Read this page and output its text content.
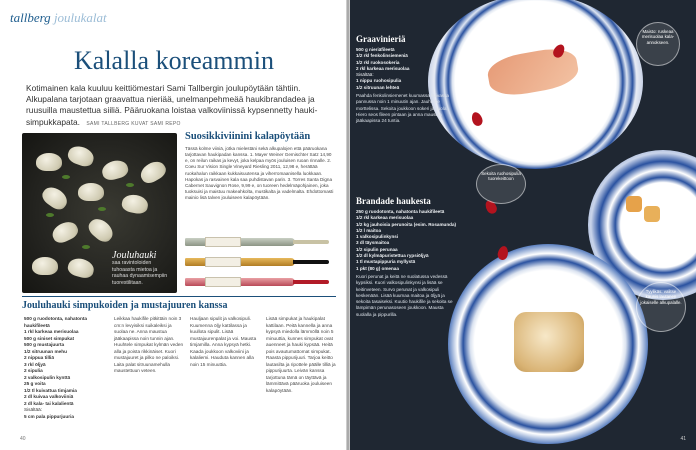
tallberg joulukalat
Kalalla koreammin
Kotimainen kala kuuluu keittiömestari Sami Tallbergin joulupöytään tähtiin. Alkupalana tarjotaan graavattua nieriää, unelmanpehmeää haukibrandadea ja ruusuilla maustettua siiliä. Pääruokana loistaa valkoviinissä kypsennetty hauki-simpukkapata. SAMI TALLBERG KUVAT SAMI REPO
Jouluhauki
saa ravintoloiden tuhoaasta mietoa ja rauhaa dynaamisempiin tuorestilitaan.
Suosikkiviinini kalapöytään
Tässä kolme viiniä, jotka mielestäni sekä alkupalojen että pääruokana tarjottavan haukipadan kanssa. 1. Mayer Weiner Gemischter Satz 14,90 e, on reilun raikas ja kevyt, joka kelpaa myös jouluisen ruoan rinnalle. 2. Coeu Sur Vision Single Vineyard Riesling 2011, 12,98 e, herättää ruokahalun raikkaan kukkaisuutensa ja viherromaanisella luokkaan. Hapokas ja rasvainen kala saa puhdistavan parin. 3. Torres Santa Digna Cabernet Sauvignon Rose, 9,99 e, on tuoreen hedelmäpohjainen, joka tuoksuisi ja maistuu makeahkolta, mustikalta ja vadelmalta. Ehdottomasti mainio lisä talven jouluiseen kalapöytään.
Jouluhauki simpukoiden ja mustajuuren kanssa
500 g ruodotonta, nahatonta haukifileetä
1 rkl karkeaa merisuolaa
500 g siniset simpukat
500 g mustajuurta
1/2 sitruunan mehu
2 nippua tilliä
3 rkl öljyä
2 sipulia
2 valkosipulin kynttä
25 g voita
1/2 tl kuivattua timjamia
2 dl kuivaa valkoviiniä
2 dl kala- tai kalalientä
Sisältää:
5 cm pala pippurjuuria
Leikkaa haukifile pitkittäin noin 3 cm:n levyisiksi suikaleiksi ja suolaa ne. Anna maustua jääkaapissa noin tunnin ajan. Huuhtele simpukat kylmän veden alla ja poista rikkinäiset. Kuori mustajuuret ja pilko ne paloiksi. Laita palat sitruunamehulla maustettuun veteen.
Hauljaan sipulit ja valkosipuli. Kuumenna öljy kattilassa ja kuullota sipulit. Lisää mustajuurenpalat ja voi. Mausta timjamilla. Anna kypsyä hetki. Kaada joukkoon valkoviini ja kalaliemi. Hauduta kannen alla noin 15 minuuttia.
Lisää simpukat ja haukipalat kattilaan. Peitä kannella ja anna kypsyä miedolla lämmöllä noin 5 minuuttia, kunnes simpukat ovat auenneet ja hauki kypsää. Heitä pois avautumattomat simpukat. Raasta pippurijuuri. Tarjoa keitto lautasilta ja ripottele päälle tilliä ja pippurijuurta. Leivän kanssa tarjottuna tämä on täyttävä ja lämmittävä pääruoka jouluiseen kalapöytään.
40
Graavinieriä
500 g nieriäfileetä
1/2 rkl fenkolinsiemeniä
1/2 rkl ruokosokeria
2 rkl karkeaa merisuolaa
Sisältää:
1 nippu ruohosipulia
1/2 sitruunan lehteä
Paahda fenkolinsiemenet kuumassa kuivassa pannussa noin 1 minuutin ajan. Jauha ne morttelissa. Sekoita joukkoon sokeri ja suola. Hiero seos fileen pintaan ja anna maustua jääkaapissa 24 tuntia.
Brandade haukesta
250 g ruodotonta, nahatonta haukifileetä
1/2 rkl karkeaa merisuolaa
1/2 kg jauhoisia perunoita (esim. Rosamunda)
1/2 l maitoa
1 valkosipulinkynsi
3 dl täysmaitoa
1/2 sipulin perunaa
1/2 dl kylmäpuristettua rypsiöljyä
1 tl mustapippuria myllystä
1 pkt (80 g) omenaa
Kuori perunat ja keitä ne suolatussa vedessä kypsiksi. Kuori valkosipulinkynsi ja lisää se keitinveteen. Survo perunat ja valkosipuli keskenään. Lisää kuumaa maitoa ja öljyä ja sekoita tasaiseksi. Kuutio haukifile ja sekoita se lämpimän perunasoseen joukkoon. Mausta suolalla ja pippurilla.
Maisto: ruskeaa merisuolaa kala-annokseen.
Sekoita ruohosipulia tuorekeittoon
Tyylikäs: valitse kaunis lautanen jokaiselle alkupalalle.
41
